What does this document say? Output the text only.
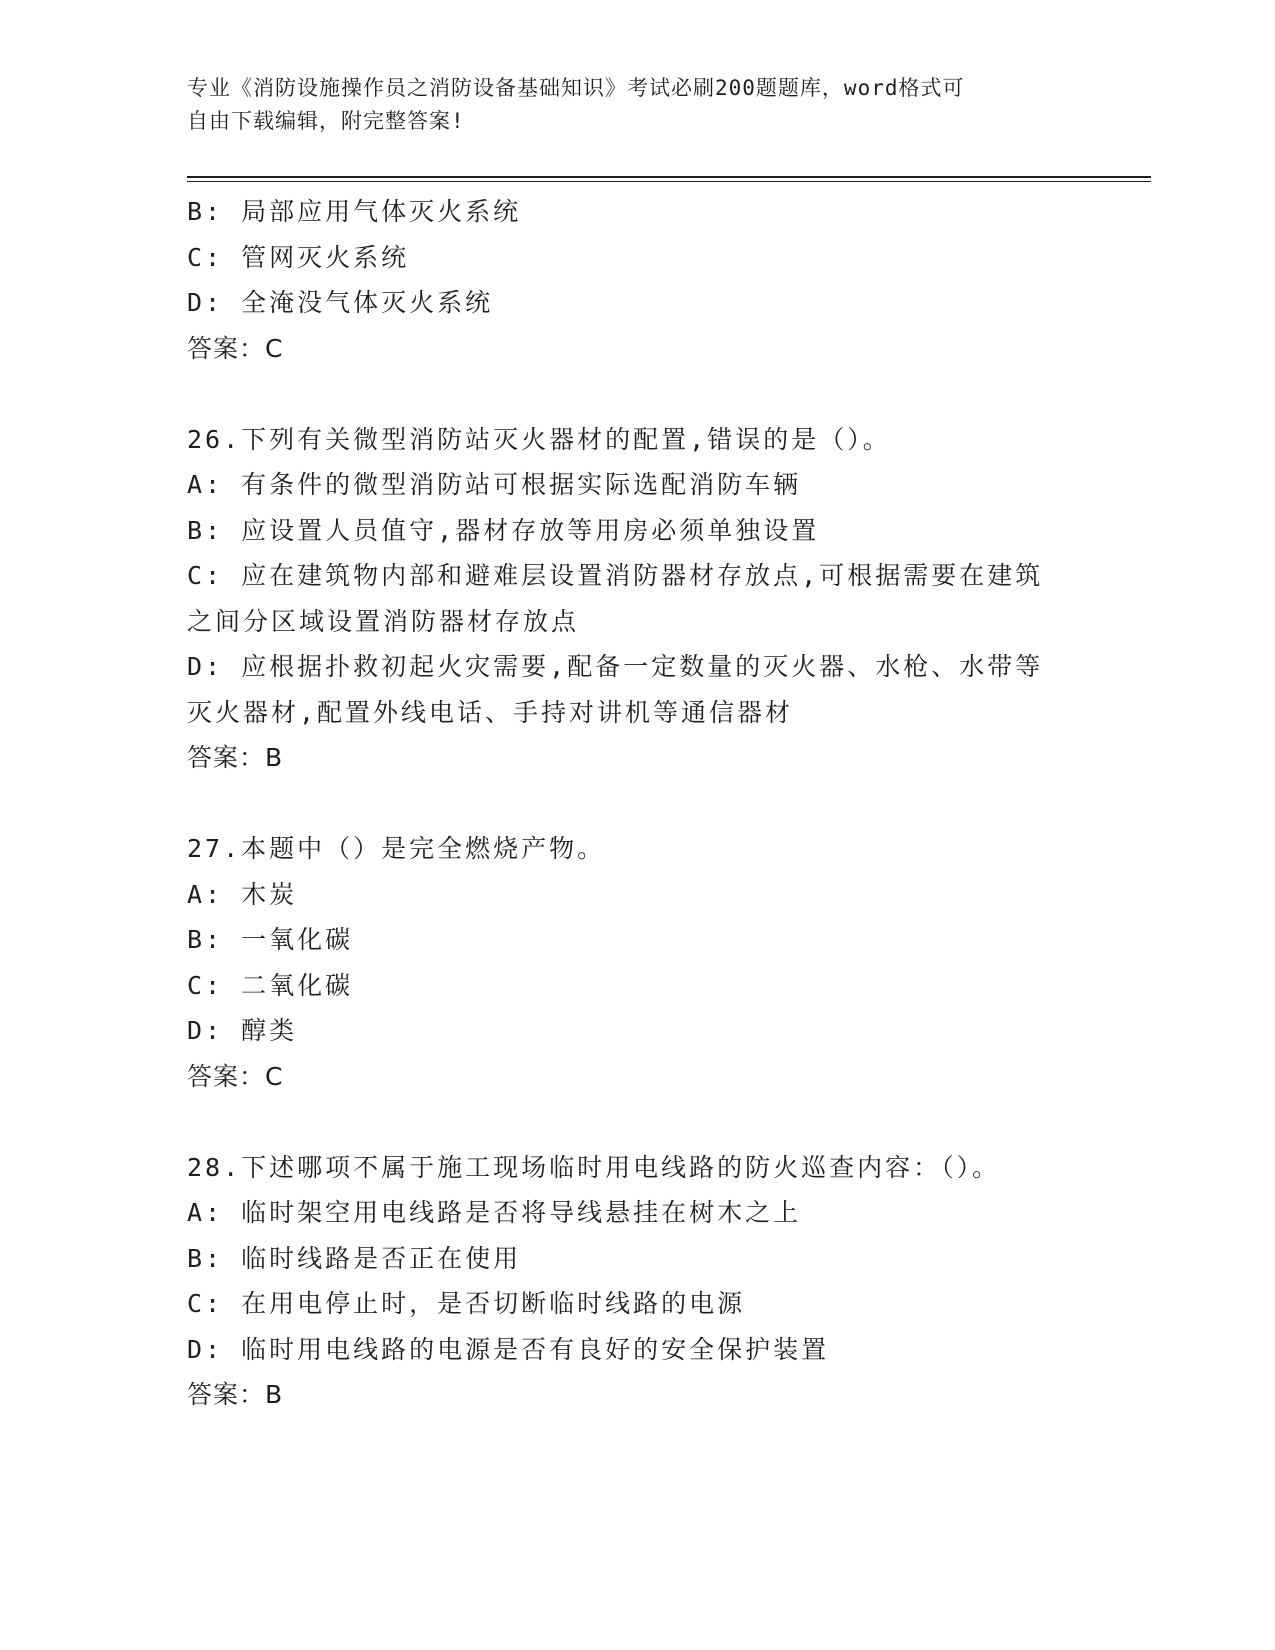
专业《消防设施操作员之消防设备基础知识》考试必刷200题题库，word格式可
自由下载编辑，附完整答案!
B: 局部应用气体灭火系统
C: 管网灭火系统
D: 全淹没气体灭火系统
答案：C
26.下列有关微型消防站灭火器材的配置,错误的是（）。
A: 有条件的微型消防站可根据实际选配消防车辆
B: 应设置人员值守,器材存放等用房必须单独设置
C: 应在建筑物内部和避难层设置消防器材存放点,可根据需要在建筑
之间分区域设置消防器材存放点
D: 应根据扑救初起火灾需要,配备一定数量的灭火器、水枪、水带等
灭火器材,配置外线电话、手持对讲机等通信器材
答案：B
27.本题中（）是完全燃烧产物。
A: 木炭
B: 一氧化碳
C: 二氧化碳
D: 醇类
答案：C
28.下述哪项不属于施工现场临时用电线路的防火巡查内容：（）。
A: 临时架空用电线路是否将导线悬挂在树木之上
B: 临时线路是否正在使用
C: 在用电停止时，是否切断临时线路的电源
D: 临时用电线路的电源是否有良好的安全保护装置
答案：B
